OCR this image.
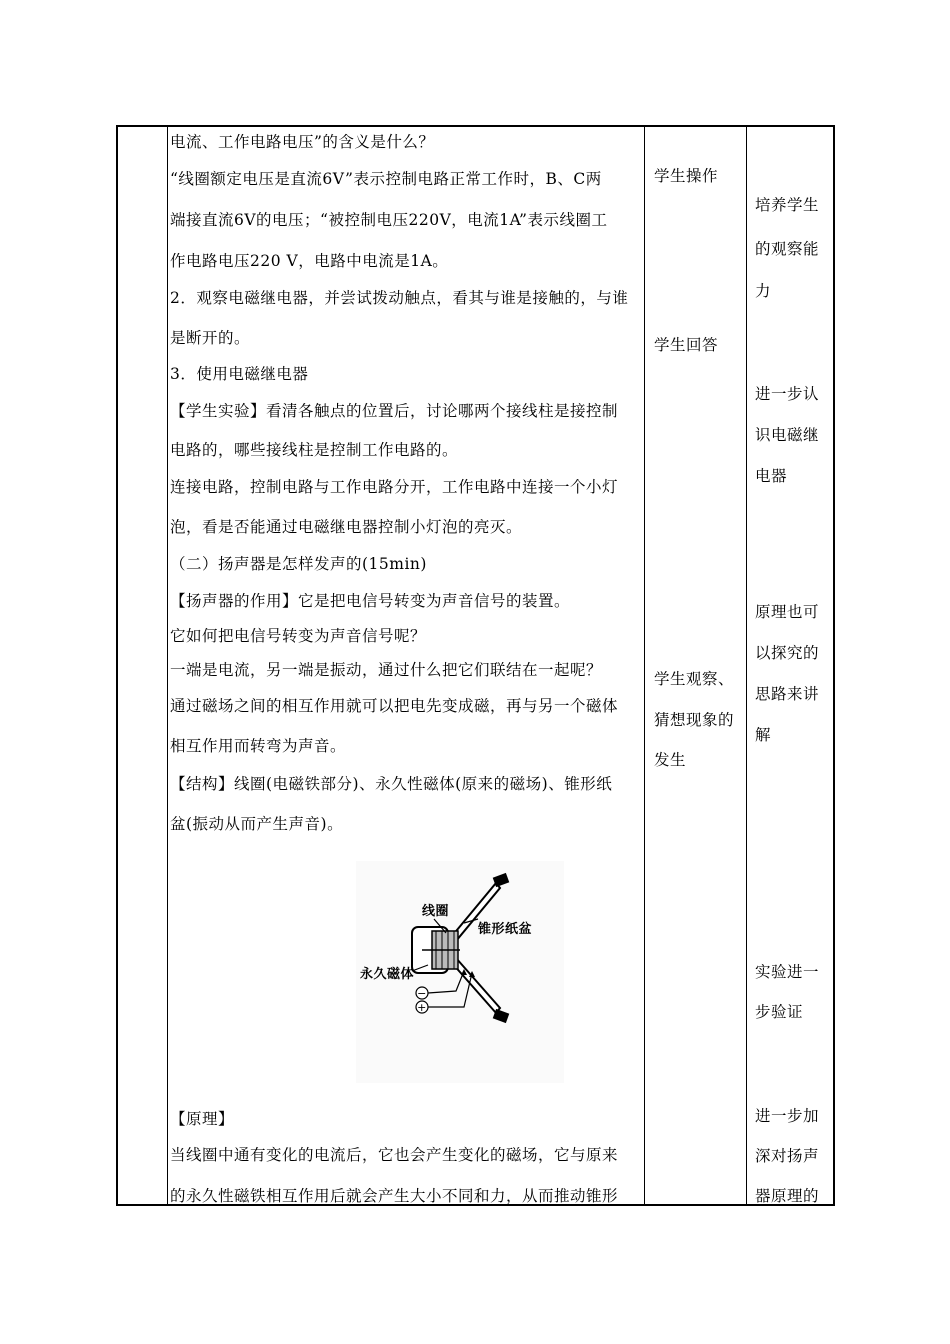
电流、工作电路电压”的含义是什么？
“线圈额定电压是直流6V”表示控制电路正常工作时，B、C两
端接直流6V的电压；“被控制电压220V，电流1A”表示线圈工
作电路电压220 V，电路中电流是1A。
2．观察电磁继电器，并尝试拨动触点，看其与谁是接触的，与谁
是断开的。
3．使用电磁继电器
【学生实验】看清各触点的位置后，讨论哪两个接线柱是接控制
电路的，哪些接线柱是控制工作电路的。
连接电路，控制电路与工作电路分开，工作电路中连接一个小灯
泡，看是否能通过电磁继电器控制小灯泡的亮灭。
（二）扬声器是怎样发声的(15min)
【扬声器的作用】它是把电信号转变为声音信号的装置。
它如何把电信号转变为声音信号呢？
一端是电流，另一端是振动，通过什么把它们联结在一起呢？
通过磁场之间的相互作用就可以把电先变成磁，再与另一个磁体
相互作用而转弯为声音。
【结构】线圈(电磁铁部分)、永久性磁体(原来的磁场)、锥形纸
盆(振动从而产生声音)。
−
+
线圈
锥形纸盆
永久磁体
【原理】
当线圈中通有变化的电流后，它也会产生变化的磁场，它与原来
的永久性磁铁相互作用后就会产生大小不同和力，从而推动锥形
学生操作
学生回答
学生观察、
猜想现象的
发生
培养学生
的观察能
力
进一步认
识电磁继
电器
原理也可
以探究的
思路来讲
解
实验进一
步验证
进一步加
深对扬声
器原理的
